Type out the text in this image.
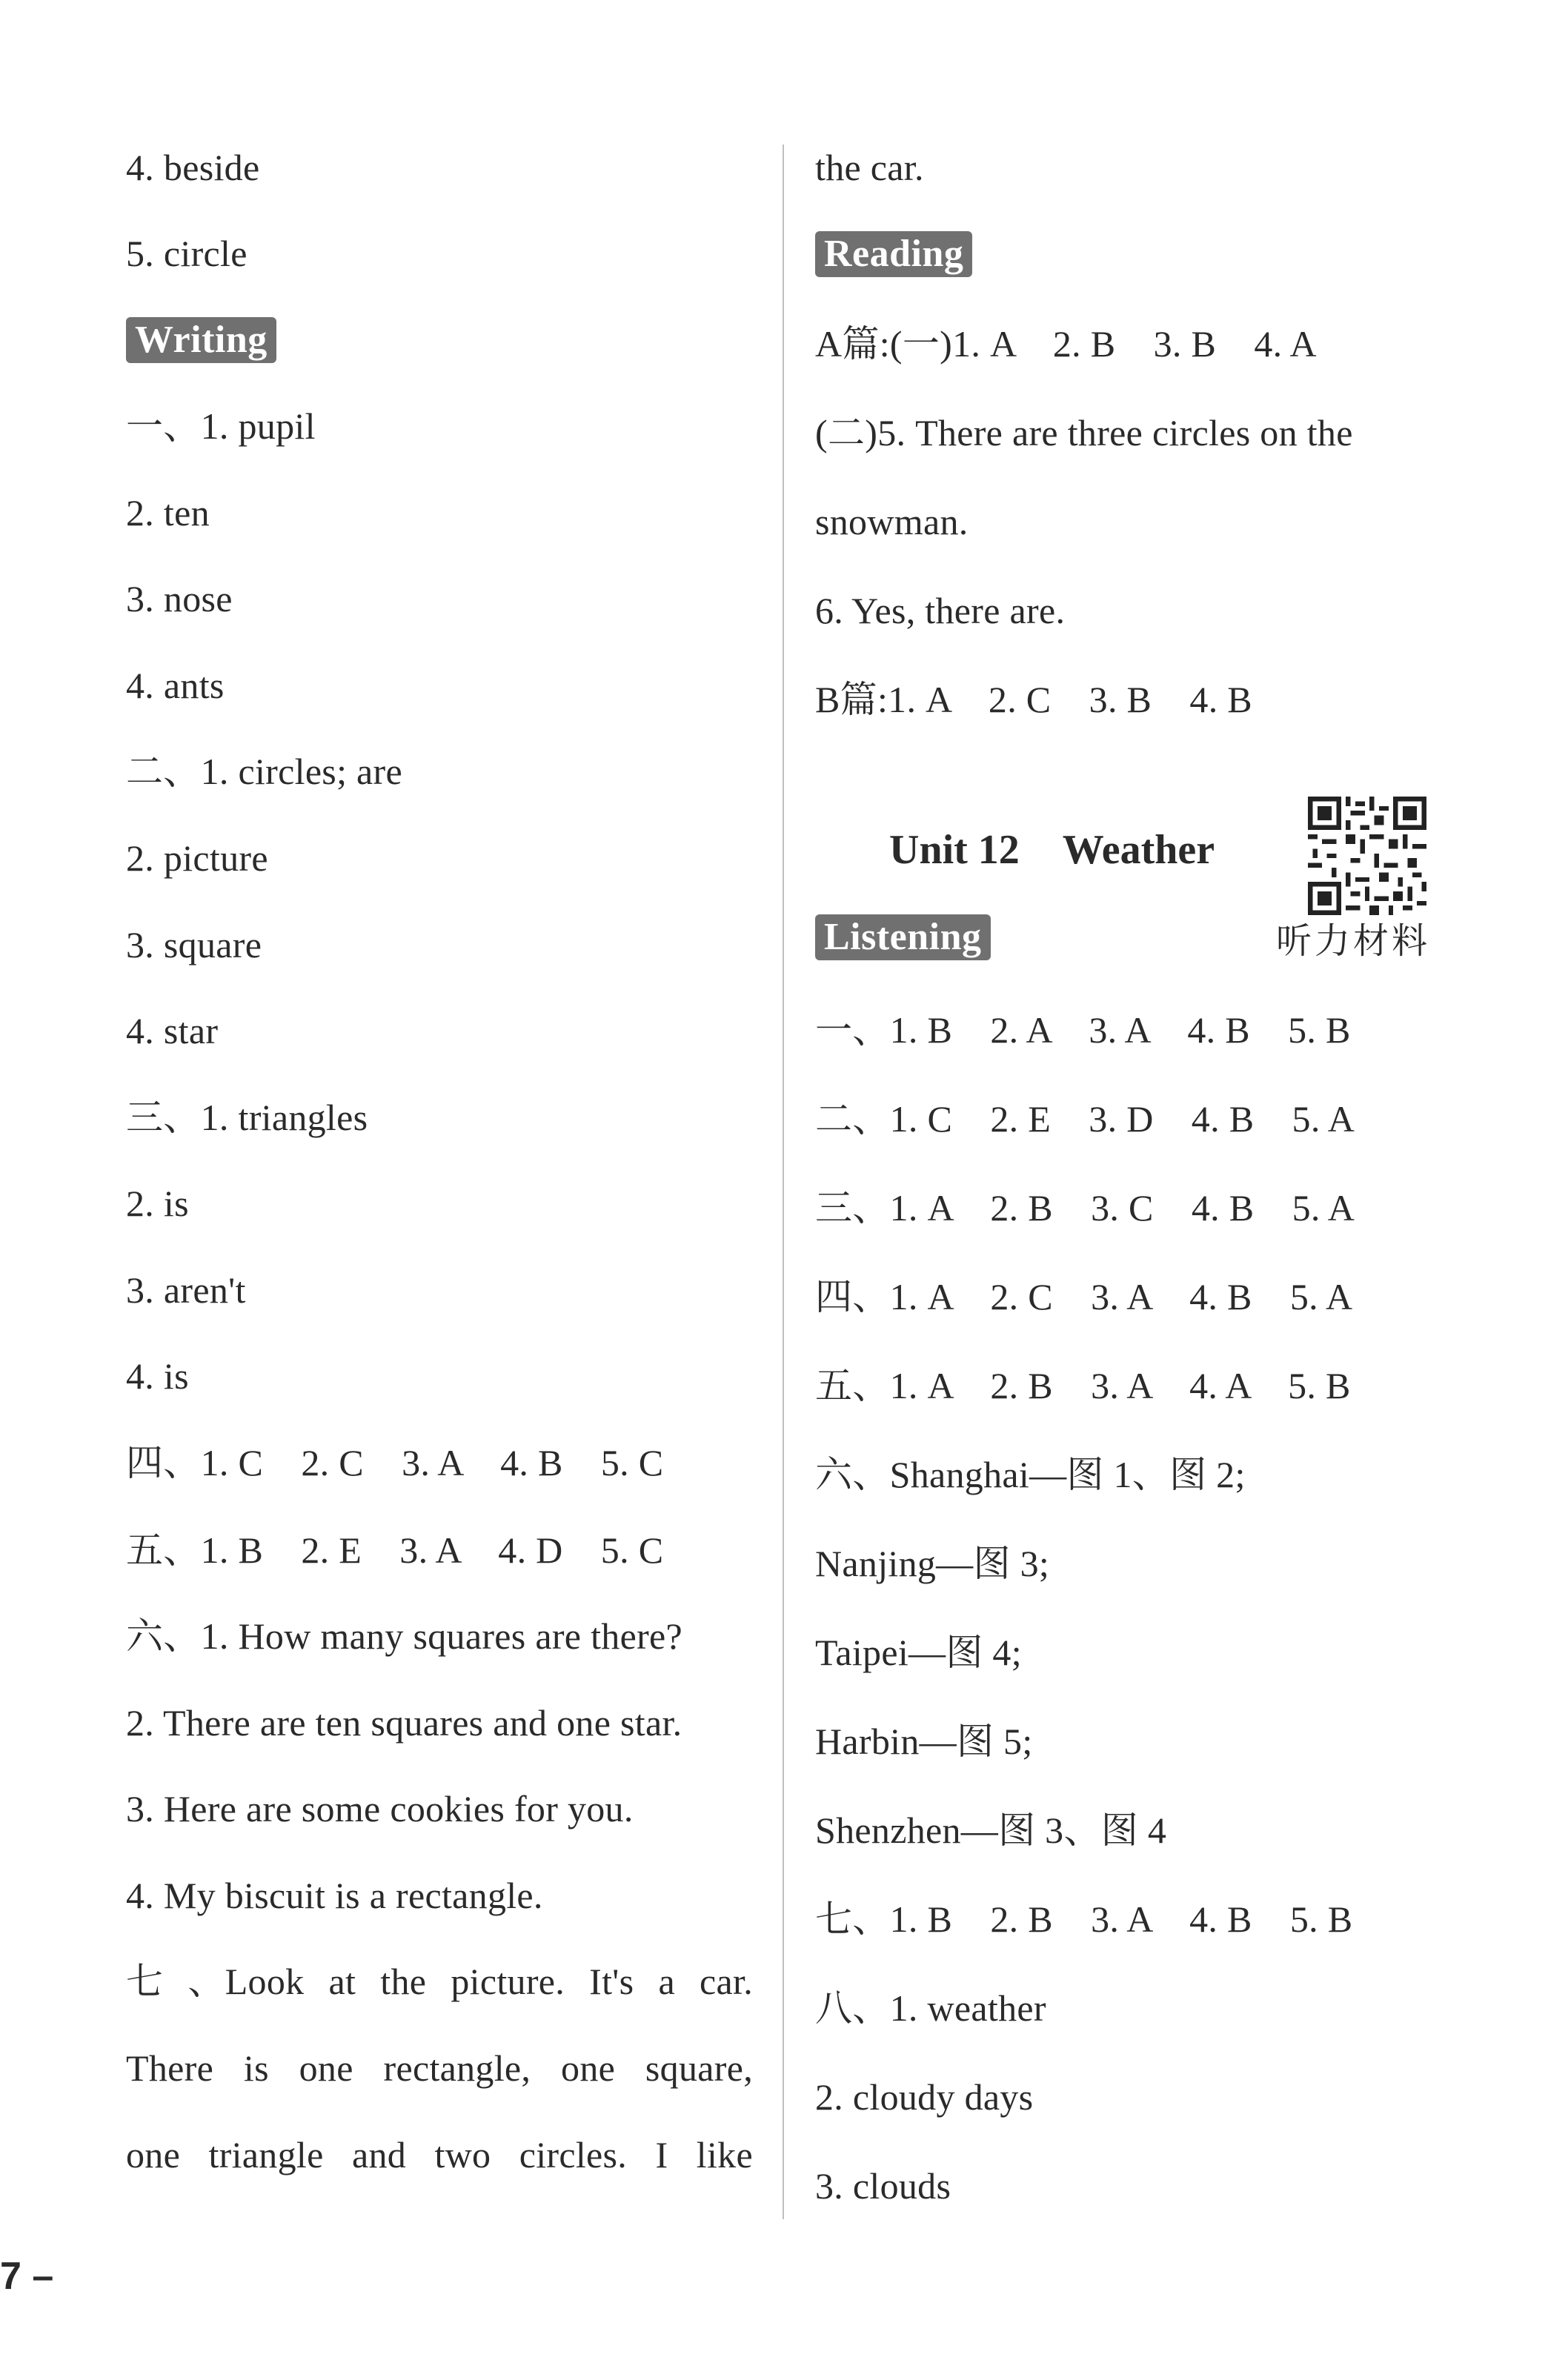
4. beside
5. circle
Writing
一、1. pupil
2. ten
3. nose
4. ants
二、1. circles; are
2. picture
3. square
4. star
三、1. triangles
2. is
3. aren't
4. is
四、1. C    2. C    3. A    4. B    5. C
五、1. B    2. E    3. A    4. D    5. C
六、1. How many squares are there?
2. There are ten squares and one star.
3. Here are some cookies for you.
4. My biscuit is a rectangle.
七 、Look at the picture. It's a car.
There is one rectangle, one square,
one triangle and two circles. I like
the car.
Reading
A篇:(一)1. A    2. B    3. B    4. A
(二)5. There are three circles on the
snowman.
6. Yes, there are.
B篇:1. A    2. C    3. B    4. B
Listening
一、1. B    2. A    3. A    4. B    5. B
二、1. C    2. E    3. D    4. B    5. A
三、1. A    2. B    3. C    4. B    5. A
四、1. A    2. C    3. A    4. B    5. A
五、1. A    2. B    3. A    4. A    5. B
六、Shanghai—图 1、图 2;
Nanjing—图 3;
Taipei—图 4;
Harbin—图 5;
Shenzhen—图 3、图 4
七、1. B    2. B    3. A    4. B    5. B
八、1. weather
2. cloudy days
3. clouds
Unit 12 Weather
听力材料
7 –
